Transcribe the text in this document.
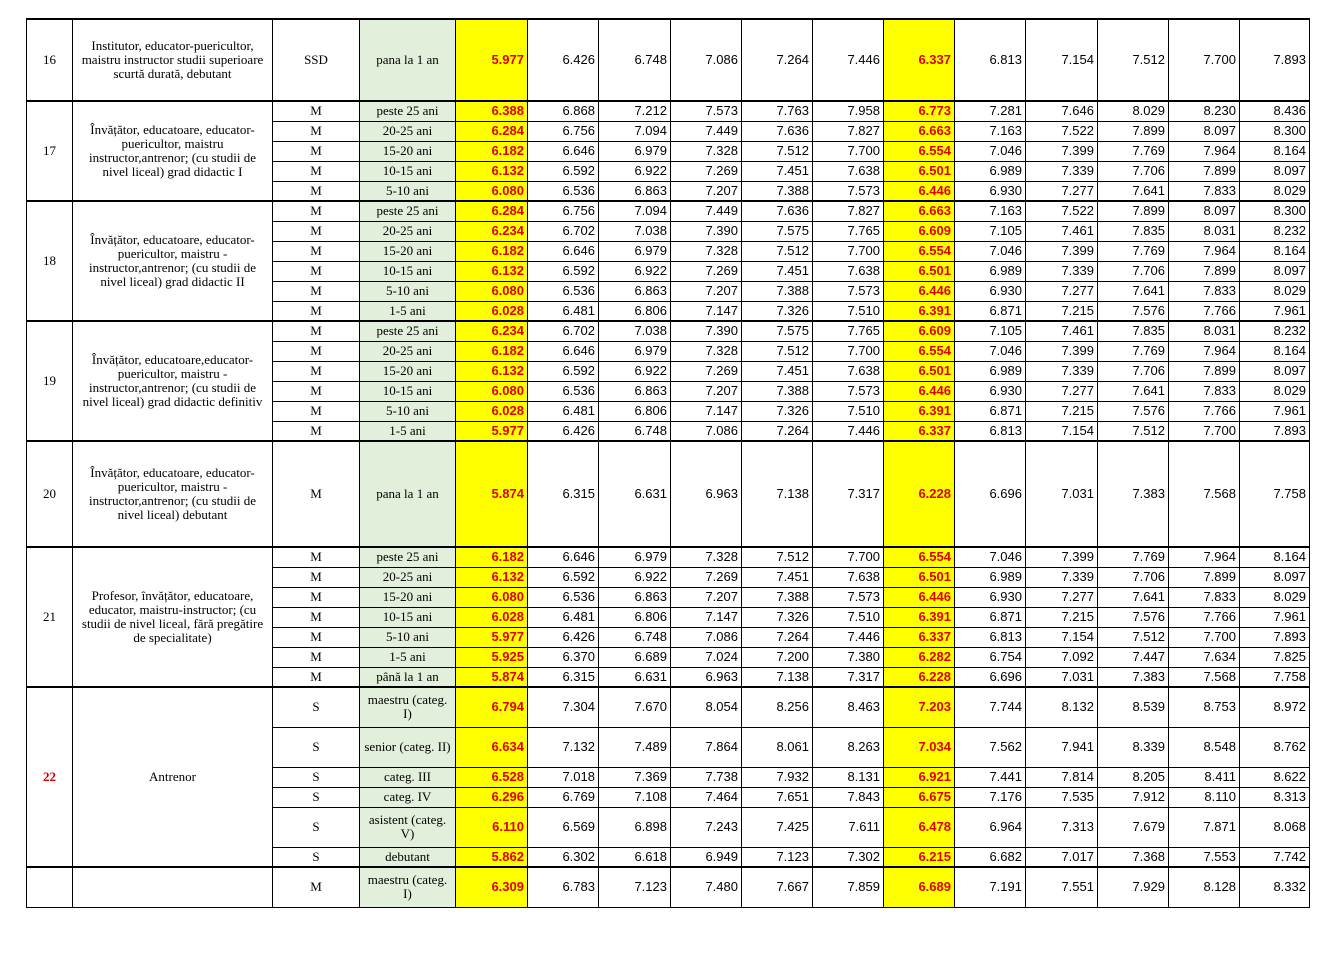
16	Institutor, educator-puericultor, maistru instructor studii superioare scurtă durată, debutant	SSD	pana la 1 an	5.977	6.426	6.748	7.086	7.264	7.446	6.337	6.813	7.154	7.512	7.700	7.893
17	Învățător, educatoare, educator-puericultor, maistru instructor,antrenor; (cu studii de nivel liceal) grad didactic I	M	peste 25 ani	6.388	6.868	7.212	7.573	7.763	7.958	6.773	7.281	7.646	8.029	8.230	8.436
		M	20-25 ani	6.284	6.756	7.094	7.449	7.636	7.827	6.663	7.163	7.522	7.899	8.097	8.300
		M	15-20 ani	6.182	6.646	6.979	7.328	7.512	7.700	6.554	7.046	7.399	7.769	7.964	8.164
		M	10-15 ani	6.132	6.592	6.922	7.269	7.451	7.638	6.501	6.989	7.339	7.706	7.899	8.097
		M	5-10 ani	6.080	6.536	6.863	7.207	7.388	7.573	6.446	6.930	7.277	7.641	7.833	8.029
18	Învățător, educatoare, educator-puericultor, maistru - instructor,antrenor; (cu studii de nivel liceal) grad didactic II	M	peste 25 ani	6.284	6.756	7.094	7.449	7.636	7.827	6.663	7.163	7.522	7.899	8.097	8.300
		M	20-25 ani	6.234	6.702	7.038	7.390	7.575	7.765	6.609	7.105	7.461	7.835	8.031	8.232
		M	15-20 ani	6.182	6.646	6.979	7.328	7.512	7.700	6.554	7.046	7.399	7.769	7.964	8.164
		M	10-15 ani	6.132	6.592	6.922	7.269	7.451	7.638	6.501	6.989	7.339	7.706	7.899	8.097
		M	5-10 ani	6.080	6.536	6.863	7.207	7.388	7.573	6.446	6.930	7.277	7.641	7.833	8.029
		M	1-5 ani	6.028	6.481	6.806	7.147	7.326	7.510	6.391	6.871	7.215	7.576	7.766	7.961
19	Învățător, educatoare,educator-puericultor, maistru - instructor,antrenor; (cu studii de nivel liceal) grad didactic definitiv	M	peste 25 ani	6.234	6.702	7.038	7.390	7.575	7.765	6.609	7.105	7.461	7.835	8.031	8.232
		M	20-25 ani	6.182	6.646	6.979	7.328	7.512	7.700	6.554	7.046	7.399	7.769	7.964	8.164
		M	15-20 ani	6.132	6.592	6.922	7.269	7.451	7.638	6.501	6.989	7.339	7.706	7.899	8.097
		M	10-15 ani	6.080	6.536	6.863	7.207	7.388	7.573	6.446	6.930	7.277	7.641	7.833	8.029
		M	5-10 ani	6.028	6.481	6.806	7.147	7.326	7.510	6.391	6.871	7.215	7.576	7.766	7.961
		M	1-5 ani	5.977	6.426	6.748	7.086	7.264	7.446	6.337	6.813	7.154	7.512	7.700	7.893
20	Învățător, educatoare, educator-puericultor, maistru - instructor,antrenor; (cu studii de nivel liceal) debutant	M	pana la 1 an	5.874	6.315	6.631	6.963	7.138	7.317	6.228	6.696	7.031	7.383	7.568	7.758
21	Profesor, învățător, educatoare, educator, maistru-instructor; (cu studii de nivel liceal, fără pregătire de specialitate)	M	peste 25 ani	6.182	6.646	6.979	7.328	7.512	7.700	6.554	7.046	7.399	7.769	7.964	8.164
		M	20-25 ani	6.132	6.592	6.922	7.269	7.451	7.638	6.501	6.989	7.339	7.706	7.899	8.097
		M	15-20 ani	6.080	6.536	6.863	7.207	7.388	7.573	6.446	6.930	7.277	7.641	7.833	8.029
		M	10-15 ani	6.028	6.481	6.806	7.147	7.326	7.510	6.391	6.871	7.215	7.576	7.766	7.961
		M	5-10 ani	5.977	6.426	6.748	7.086	7.264	7.446	6.337	6.813	7.154	7.512	7.700	7.893
		M	1-5 ani	5.925	6.370	6.689	7.024	7.200	7.380	6.282	6.754	7.092	7.447	7.634	7.825
		M	până la 1 an	5.874	6.315	6.631	6.963	7.138	7.317	6.228	6.696	7.031	7.383	7.568	7.758
22	Antrenor	S	maestru (categ. I)	6.794	7.304	7.670	8.054	8.256	8.463	7.203	7.744	8.132	8.539	8.753	8.972
		S	senior (categ. II)	6.634	7.132	7.489	7.864	8.061	8.263	7.034	7.562	7.941	8.339	8.548	8.762
		S	categ. III	6.528	7.018	7.369	7.738	7.932	8.131	6.921	7.441	7.814	8.205	8.411	8.622
		S	categ. IV	6.296	6.769	7.108	7.464	7.651	7.843	6.675	7.176	7.535	7.912	8.110	8.313
		S	asistent (categ. V)	6.110	6.569	6.898	7.243	7.425	7.611	6.478	6.964	7.313	7.679	7.871	8.068
		S	debutant	5.862	6.302	6.618	6.949	7.123	7.302	6.215	6.682	7.017	7.368	7.553	7.742
		M	maestru (categ. I)	6.309	6.783	7.123	7.480	7.667	7.859	6.689	7.191	7.551	7.929	8.128	8.332
